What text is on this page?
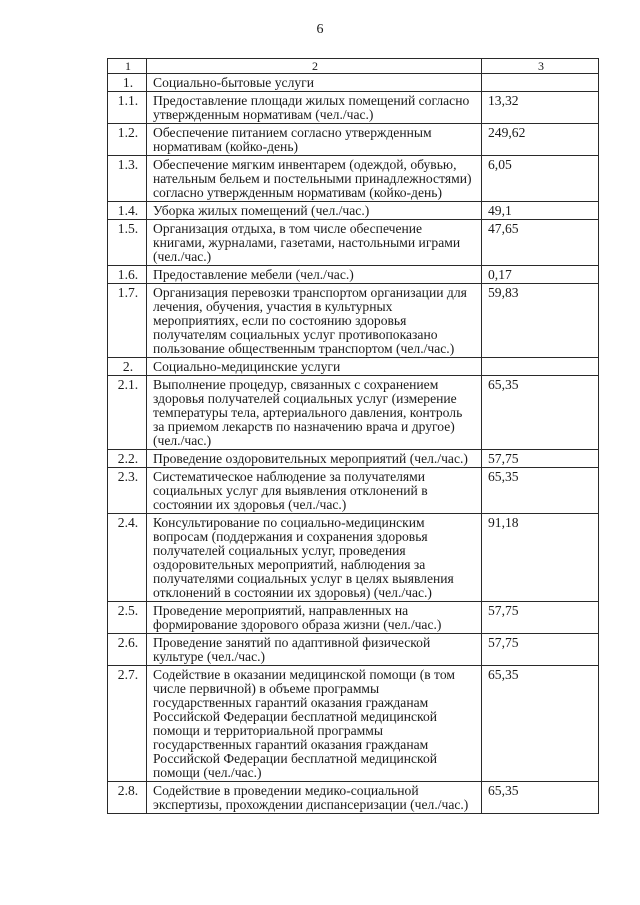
6
1	2	3
1.	Социально-бытовые услуги	
1.1.	Предоставление площади жилых помещений согласно утвержденным нормативам (чел./час.)	13,32
1.2.	Обеспечение питанием согласно утвержденным нормативам (койко-день)	249,62
1.3.	Обеспечение мягким инвентарем (одеждой, обувью, нательным бельем и постельными принадлежностями) согласно утвержденным нормативам (койко-день)	6,05
1.4.	Уборка жилых помещений (чел./час.)	49,1
1.5.	Организация отдыха, в том числе обеспечение книгами, журналами, газетами, настольными играми (чел./час.)	47,65
1.6.	Предоставление мебели (чел./час.)	0,17
1.7.	Организация перевозки транспортом организации для лечения, обучения, участия в культурных мероприятиях, если по состоянию здоровья получателям социальных услуг противопоказано пользование общественным транспортом (чел./час.)	59,83
2.	Социально-медицинские услуги	
2.1.	Выполнение процедур, связанных с сохранением здоровья получателей социальных услуг (измерение температуры тела, артериального давления, контроль за приемом лекарств по назначению врача и другое) (чел./час.)	65,35
2.2.	Проведение оздоровительных мероприятий (чел./час.)	57,75
2.3.	Систематическое наблюдение за получателями социальных услуг для выявления отклонений в состоянии их здоровья (чел./час.)	65,35
2.4.	Консультирование по социально-медицинским вопросам (поддержания и сохранения здоровья получателей социальных услуг, проведения оздоровительных мероприятий, наблюдения за получателями социальных услуг в целях выявления отклонений в состоянии их здоровья) (чел./час.)	91,18
2.5.	Проведение мероприятий, направленных на формирование здорового образа жизни (чел./час.)	57,75
2.6.	Проведение занятий по адаптивной физической культуре (чел./час.)	57,75
2.7.	Содействие в оказании медицинской помощи (в том числе первичной) в объеме программы государственных гарантий оказания гражданам Российской Федерации бесплатной медицинской помощи и территориальной программы государственных гарантий оказания гражданам Российской Федерации бесплатной медицинской помощи (чел./час.)	65,35
2.8.	Содействие в проведении медико-социальной экспертизы, прохождении диспансеризации (чел./час.)	65,35
